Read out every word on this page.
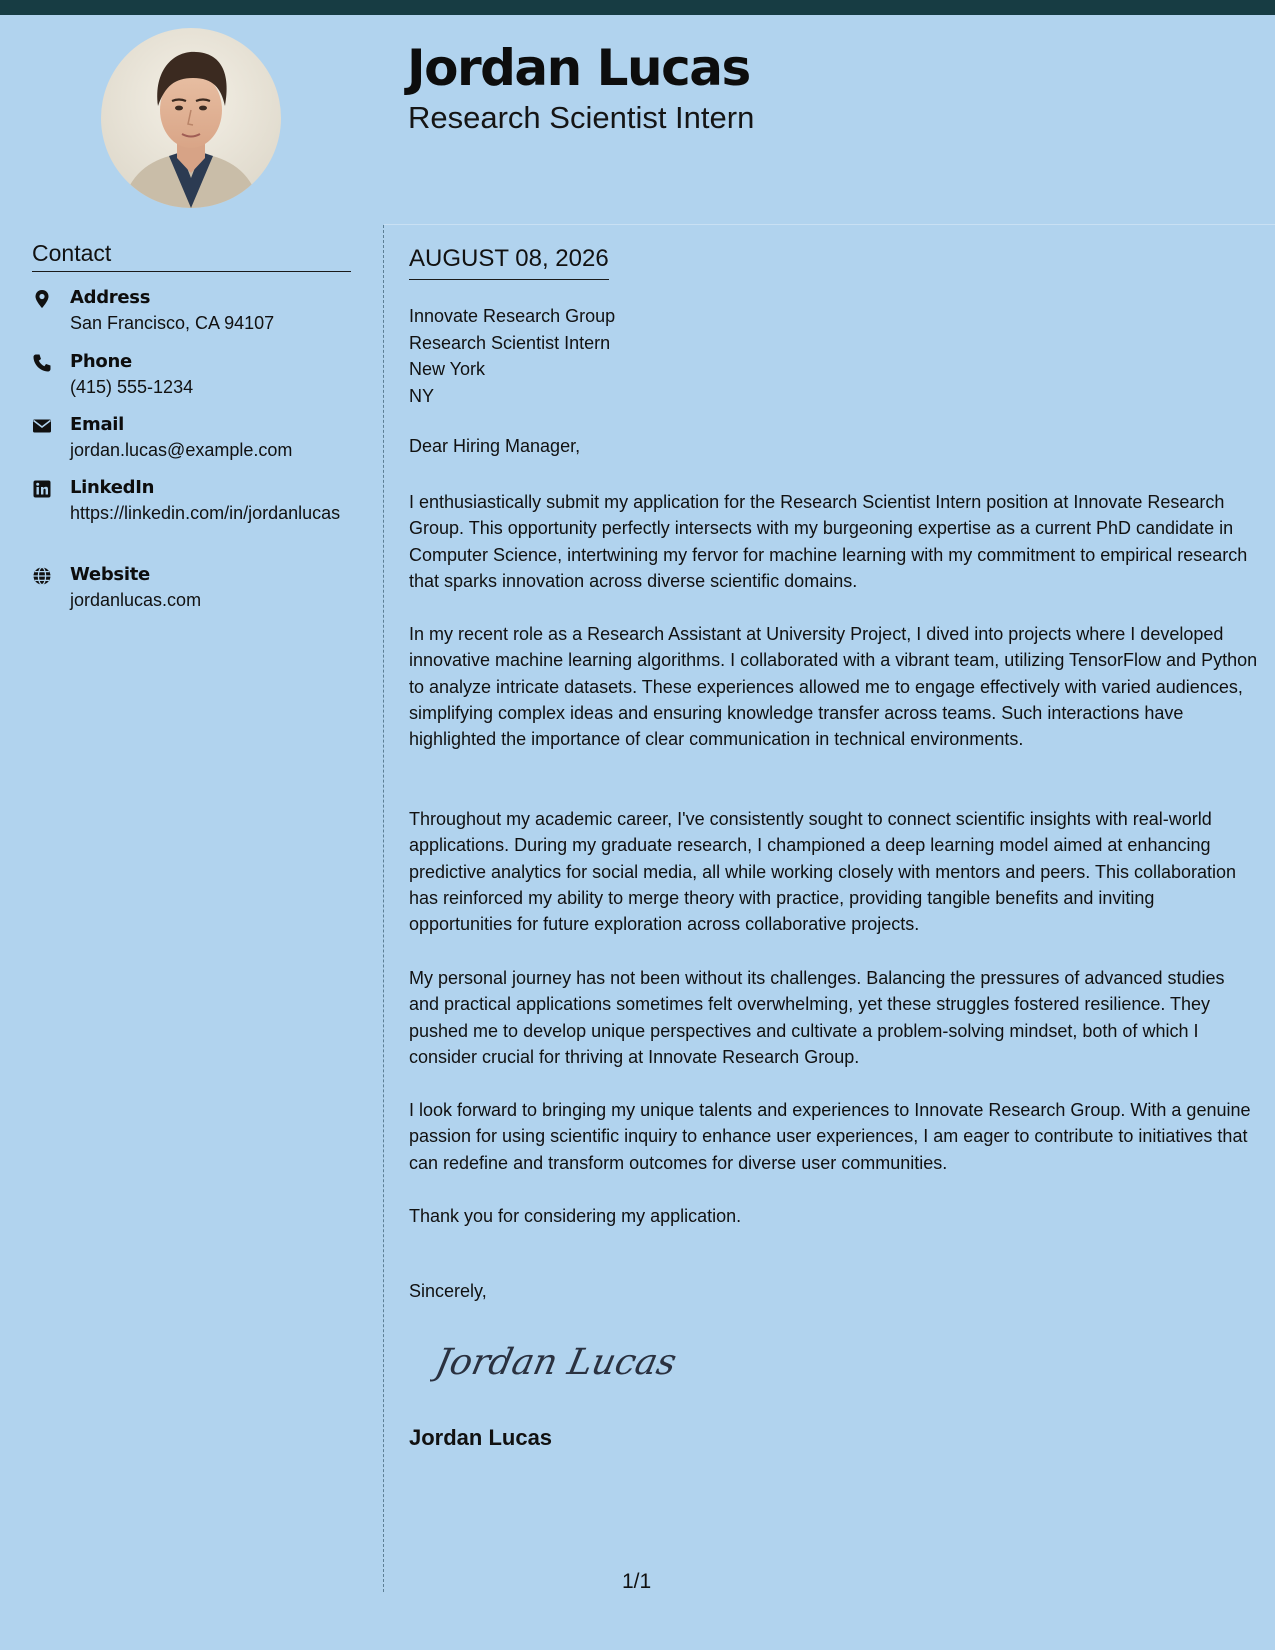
Jordan Lucas
Research Scientist Intern
Contact
Address
San Francisco, CA 94107
Phone
(415) 555-1234
Email
jordan.lucas@example.com
LinkedIn
https://linkedin.com/in/jordanlucas
Website
jordanlucas.com
AUGUST 08, 2026
Innovate Research Group
Research Scientist Intern
New York
NY
Dear Hiring Manager,

I enthusiastically submit my application for the Research Scientist Intern position at Innovate Research Group. This opportunity perfectly intersects with my burgeoning expertise as a current PhD candidate in Computer Science, intertwining my fervor for machine learning with my commitment to empirical research that sparks innovation across diverse scientific domains.

In my recent role as a Research Assistant at University Project, I dived into projects where I developed innovative machine learning algorithms. I collaborated with a vibrant team, utilizing TensorFlow and Python to analyze intricate datasets. These experiences allowed me to engage effectively with varied audiences, simplifying complex ideas and ensuring knowledge transfer across teams. Such interactions have highlighted the importance of clear communication in technical environments.

Throughout my academic career, I've consistently sought to connect scientific insights with real-world applications. During my graduate research, I championed a deep learning model aimed at enhancing predictive analytics for social media, all while working closely with mentors and peers. This collaboration has reinforced my ability to merge theory with practice, providing tangible benefits and inviting opportunities for future exploration across collaborative projects.

My personal journey has not been without its challenges. Balancing the pressures of advanced studies and practical applications sometimes felt overwhelming, yet these struggles fostered resilience. They pushed me to develop unique perspectives and cultivate a problem-solving mindset, both of which I consider crucial for thriving at Innovate Research Group.

I look forward to bringing my unique talents and experiences to Innovate Research Group. With a genuine passion for using scientific inquiry to enhance user experiences, I am eager to contribute to initiatives that can redefine and transform outcomes for diverse user communities.

Thank you for considering my application.

Sincerely,
Jordan Lucas
Jordan Lucas
1/1
